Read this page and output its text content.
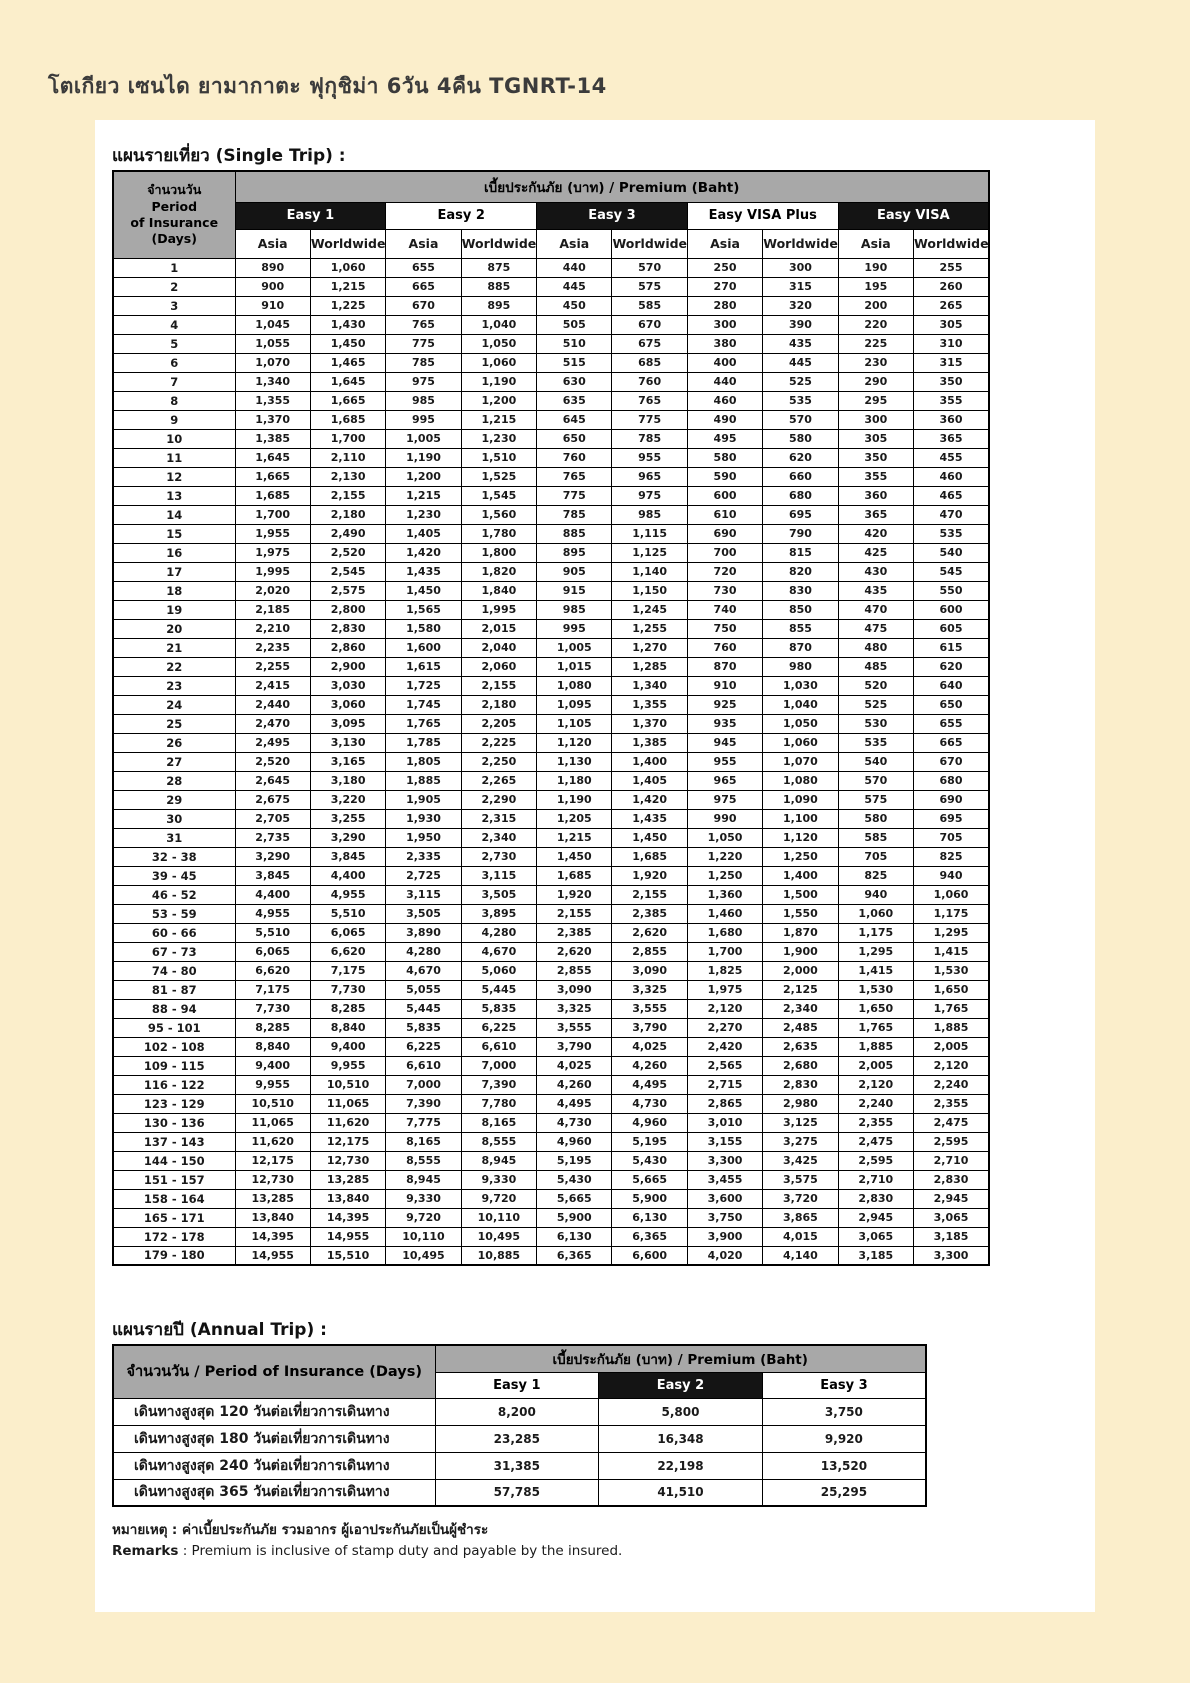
โตเกียว เซนได ยามากาตะ ฟุกุชิม่า 6วัน 4คืน TGNRT-14
แผนรายเที่ยว (Single Trip) :
จำนวนวัน
Period
of Insurance
(Days)	เบี้ยประกันภัย (บาท) / Premium (Baht)									
	Easy 1		Easy 2		Easy 3		Easy VISA Plus		Easy VISA	
	Asia	Worldwide	Asia	Worldwide	Asia	Worldwide	Asia	Worldwide	Asia	Worldwide
1	890	1,060	655	875	440	570	250	300	190	255
2	900	1,215	665	885	445	575	270	315	195	260
3	910	1,225	670	895	450	585	280	320	200	265
4	1,045	1,430	765	1,040	505	670	300	390	220	305
5	1,055	1,450	775	1,050	510	675	380	435	225	310
6	1,070	1,465	785	1,060	515	685	400	445	230	315
7	1,340	1,645	975	1,190	630	760	440	525	290	350
8	1,355	1,665	985	1,200	635	765	460	535	295	355
9	1,370	1,685	995	1,215	645	775	490	570	300	360
10	1,385	1,700	1,005	1,230	650	785	495	580	305	365
11	1,645	2,110	1,190	1,510	760	955	580	620	350	455
12	1,665	2,130	1,200	1,525	765	965	590	660	355	460
13	1,685	2,155	1,215	1,545	775	975	600	680	360	465
14	1,700	2,180	1,230	1,560	785	985	610	695	365	470
15	1,955	2,490	1,405	1,780	885	1,115	690	790	420	535
16	1,975	2,520	1,420	1,800	895	1,125	700	815	425	540
17	1,995	2,545	1,435	1,820	905	1,140	720	820	430	545
18	2,020	2,575	1,450	1,840	915	1,150	730	830	435	550
19	2,185	2,800	1,565	1,995	985	1,245	740	850	470	600
20	2,210	2,830	1,580	2,015	995	1,255	750	855	475	605
21	2,235	2,860	1,600	2,040	1,005	1,270	760	870	480	615
22	2,255	2,900	1,615	2,060	1,015	1,285	870	980	485	620
23	2,415	3,030	1,725	2,155	1,080	1,340	910	1,030	520	640
24	2,440	3,060	1,745	2,180	1,095	1,355	925	1,040	525	650
25	2,470	3,095	1,765	2,205	1,105	1,370	935	1,050	530	655
26	2,495	3,130	1,785	2,225	1,120	1,385	945	1,060	535	665
27	2,520	3,165	1,805	2,250	1,130	1,400	955	1,070	540	670
28	2,645	3,180	1,885	2,265	1,180	1,405	965	1,080	570	680
29	2,675	3,220	1,905	2,290	1,190	1,420	975	1,090	575	690
30	2,705	3,255	1,930	2,315	1,205	1,435	990	1,100	580	695
31	2,735	3,290	1,950	2,340	1,215	1,450	1,050	1,120	585	705
32 - 38	3,290	3,845	2,335	2,730	1,450	1,685	1,220	1,250	705	825
39 - 45	3,845	4,400	2,725	3,115	1,685	1,920	1,250	1,400	825	940
46 - 52	4,400	4,955	3,115	3,505	1,920	2,155	1,360	1,500	940	1,060
53 - 59	4,955	5,510	3,505	3,895	2,155	2,385	1,460	1,550	1,060	1,175
60 - 66	5,510	6,065	3,890	4,280	2,385	2,620	1,680	1,870	1,175	1,295
67 - 73	6,065	6,620	4,280	4,670	2,620	2,855	1,700	1,900	1,295	1,415
74 - 80	6,620	7,175	4,670	5,060	2,855	3,090	1,825	2,000	1,415	1,530
81 - 87	7,175	7,730	5,055	5,445	3,090	3,325	1,975	2,125	1,530	1,650
88 - 94	7,730	8,285	5,445	5,835	3,325	3,555	2,120	2,340	1,650	1,765
95 - 101	8,285	8,840	5,835	6,225	3,555	3,790	2,270	2,485	1,765	1,885
102 - 108	8,840	9,400	6,225	6,610	3,790	4,025	2,420	2,635	1,885	2,005
109 - 115	9,400	9,955	6,610	7,000	4,025	4,260	2,565	2,680	2,005	2,120
116 - 122	9,955	10,510	7,000	7,390	4,260	4,495	2,715	2,830	2,120	2,240
123 - 129	10,510	11,065	7,390	7,780	4,495	4,730	2,865	2,980	2,240	2,355
130 - 136	11,065	11,620	7,775	8,165	4,730	4,960	3,010	3,125	2,355	2,475
137 - 143	11,620	12,175	8,165	8,555	4,960	5,195	3,155	3,275	2,475	2,595
144 - 150	12,175	12,730	8,555	8,945	5,195	5,430	3,300	3,425	2,595	2,710
151 - 157	12,730	13,285	8,945	9,330	5,430	5,665	3,455	3,575	2,710	2,830
158 - 164	13,285	13,840	9,330	9,720	5,665	5,900	3,600	3,720	2,830	2,945
165 - 171	13,840	14,395	9,720	10,110	5,900	6,130	3,750	3,865	2,945	3,065
172 - 178	14,395	14,955	10,110	10,495	6,130	6,365	3,900	4,015	3,065	3,185
179 - 180	14,955	15,510	10,495	10,885	6,365	6,600	4,020	4,140	3,185	3,300
แผนรายปี (Annual Trip) :
จำนวนวัน / Period of Insurance (Days)	เบี้ยประกันภัย (บาท) / Premium (Baht)		
	Easy 1	Easy 2	Easy 3
เดินทางสูงสุด 120 วันต่อเที่ยวการเดินทาง	8,200	5,800	3,750
เดินทางสูงสุด 180 วันต่อเที่ยวการเดินทาง	23,285	16,348	9,920
เดินทางสูงสุด 240 วันต่อเที่ยวการเดินทาง	31,385	22,198	13,520
เดินทางสูงสุด 365 วันต่อเที่ยวการเดินทาง	57,785	41,510	25,295
หมายเหตุ : ค่าเบี้ยประกันภัย รวมอากร ผู้เอาประกันภัยเป็นผู้ชำระ
Remarks : Premium is inclusive of stamp duty and payable by the insured.
